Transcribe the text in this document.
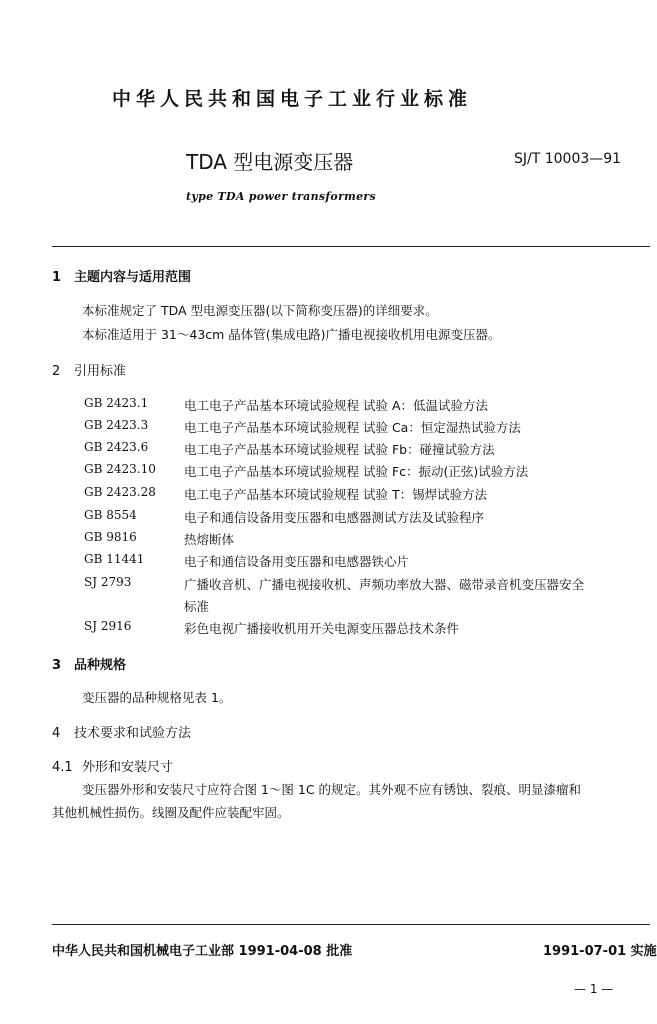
中华人民共和国电子工业行业标准
TDA 型电源变压器	SJ/T 10003—91
type TDA power transformers
1 主题内容与适用范围
本标准规定了 TDA 型电源变压器(以下简称变压器)的详细要求。
本标准适用于 31～43cm 晶体管(集成电路)广播电视接收机用电源变压器。
2 引用标准
GB 2423.1	电工电子产品基本环境试验规程 试验 A：低温试验方法
GB 2423.3	电工电子产品基本环境试验规程 试验 Ca：恒定湿热试验方法
GB 2423.6	电工电子产品基本环境试验规程 试验 Fb：碰撞试验方法
GB 2423.10 电工电子产品基本环境试验规程 试验 Fc：振动(正弦)试验方法
GB 2423.28 电工电子产品基本环境试验规程 试验 T：锡焊试验方法
GB 8554	电子和通信设备用变压器和电感器测试方法及试验程序
GB 9816	热熔断体
GB 11441	电子和通信设备用变压器和电感器铁心片
SJ 2793	广播收音机、广播电视接收机、声频功率放大器、磁带录音机变压器安全
标准
SJ 2916	彩色电视广播接收机用开关电源变压器总技术条件
3 品种规格
变压器的品种规格见表 1。
4 技术要求和试验方法
4.1 外形和安装尺寸
变压器外形和安装尺寸应符合图 1～图 1C 的规定。其外观不应有锈蚀、裂痕、明显漆瘤和
其他机械性损伤。线圈及配件应装配牢固。
中华人民共和国机械电子工业部 1991-04-08 批准	1991-07-01 实施
— 1 —
